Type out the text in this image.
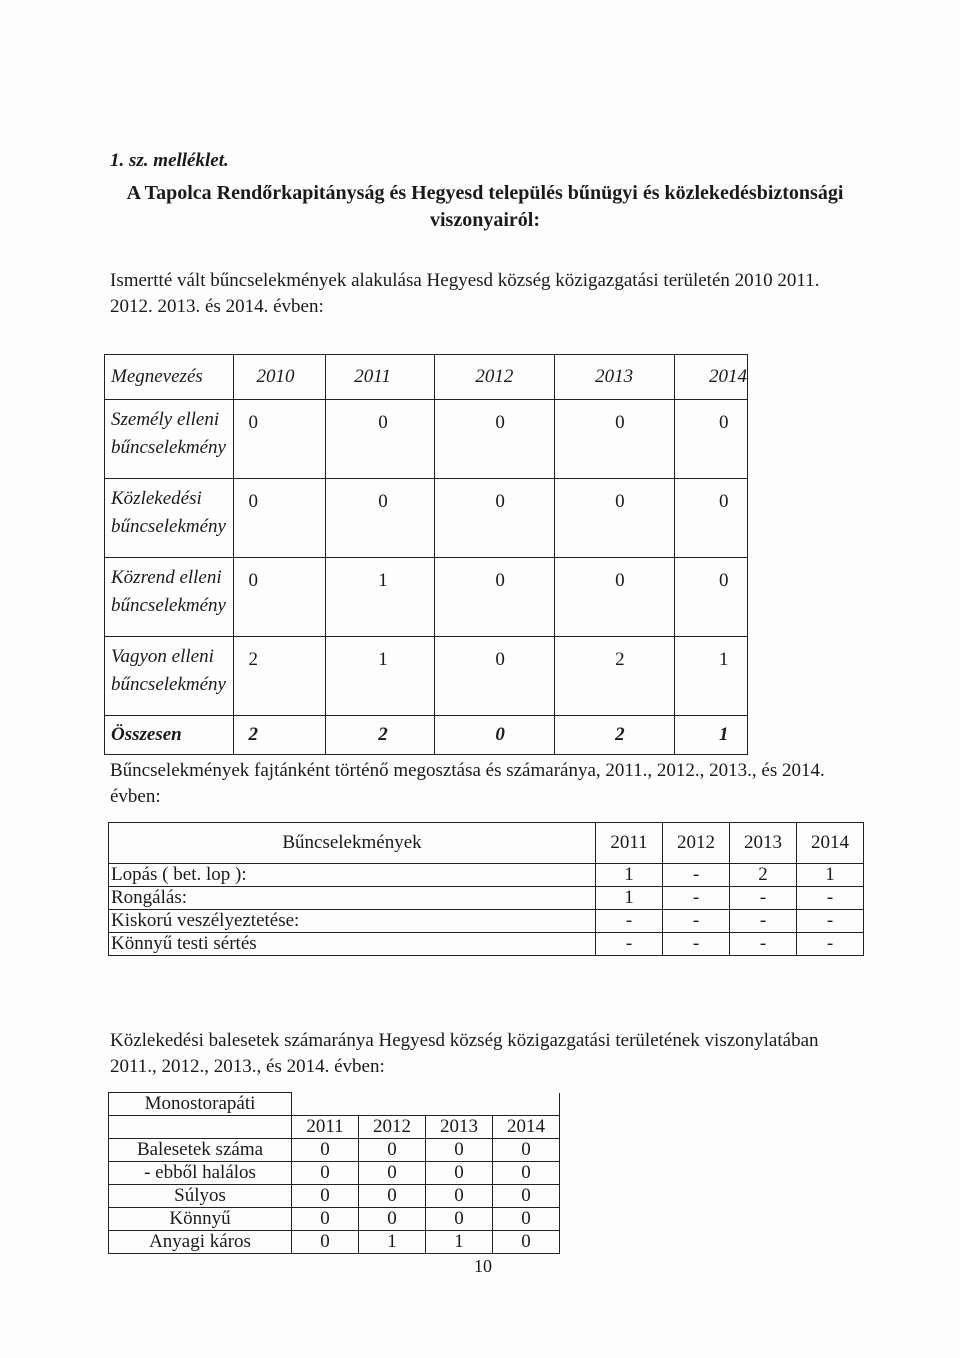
1. sz. melléklet.
A Tapolca Rendőrkapitányság és Hegyesd település bűnügyi és közlekedésbiztonsági
viszonyairól:
Ismertté vált bűncselekmények alakulása Hegyesd község közigazgatási területén 2010 2011. 2012. 2013. és 2014. évben:
Megnevezés	2010	2011	2012	2013	2014
Személy elleni bűncselekmény	0	0	0	0	0
Közlekedési bűncselekmény	0	0	0	0	0
Közrend elleni bűncselekmény	0	1	0	0	0
Vagyon elleni bűncselekmény	2	1	0	2	1
Összesen	2	2	0	2	1
Bűncselekmények fajtánként történő megosztása és számaránya, 2011., 2012., 2013., és 2014. évben:
Bűncselekmények	2011	2012	2013	2014
Lopás ( bet. lop ):	1	-	2	1
Rongálás:	1	-	-	-
Kiskorú veszélyeztetése:	-	-	-	-
Könnyű testi sértés	-	-	-	-
Közlekedési balesetek számaránya Hegyesd község közigazgatási területének viszonylatában 2011., 2012., 2013., és 2014. évben:
Monostorapáti				
	2011	2012	2013	2014
Balesetek száma	0	0	0	0
- ebből halálos	0	0	0	0
Súlyos	0	0	0	0
Könnyű	0	0	0	0
Anyagi káros	0	1	1	0
10
